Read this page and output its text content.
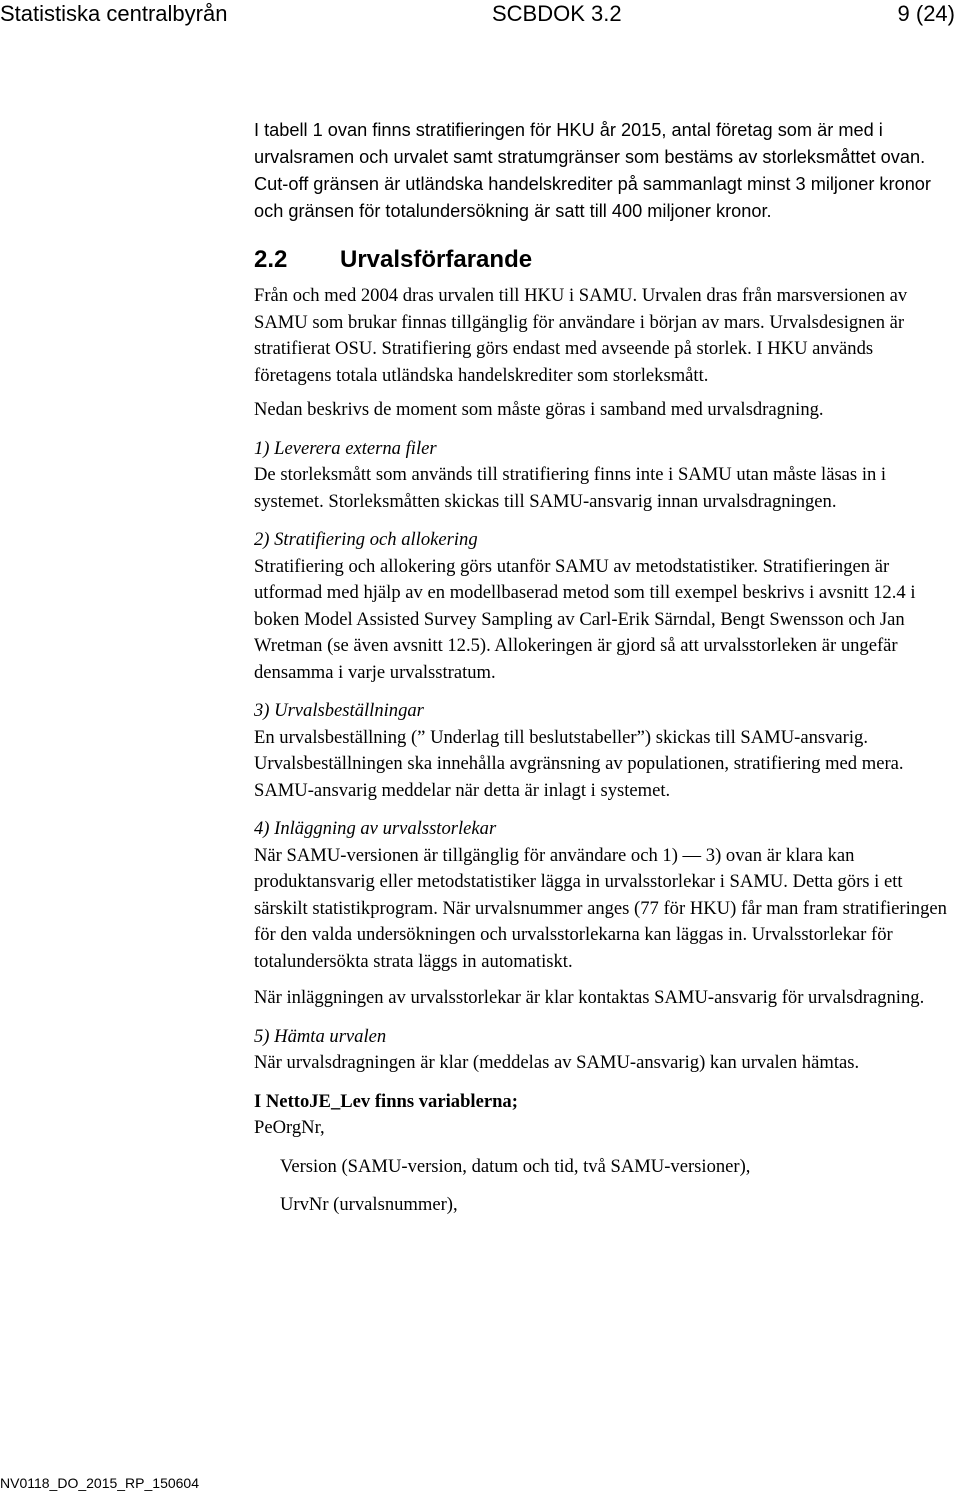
Statistiska centralbyrån	SCBDOK 3.2	9 (24)

I tabell 1 ovan finns stratifieringen för HKU år 2015, antal företag som är med i urvalsramen och urvalet samt stratumgränser som bestäms av storleksmåttet ovan. Cut-off gränsen är utländska handelskrediter på sammanlagt minst 3 miljoner kronor och gränsen för totalundersökning är satt till 400 miljoner kronor.

2.2 Urvalsförfarande

Från och med 2004 dras urvalen till HKU i SAMU. Urvalen dras från marsversionen av SAMU som brukar finnas tillgänglig för användare i början av mars. Urvalsdesignen är stratifierat OSU. Stratifiering görs endast med avseende på storlek. I HKU används företagens totala utländska handelskrediter som storleksmått.

Nedan beskrivs de moment som måste göras i samband med urvalsdragning.

1) Leverera externa filer

De storleksmått som används till stratifiering finns inte i SAMU utan måste läsas in i systemet. Storleksmåtten skickas till SAMU-ansvarig innan urvalsdragningen.

2) Stratifiering och allokering

Stratifiering och allokering görs utanför SAMU av metodstatistiker. Stratifieringen är utformad med hjälp av en modellbaserad metod som till exempel beskrivs i avsnitt 12.4 i boken Model Assisted Survey Sampling av Carl-Erik Särndal, Bengt Swensson och Jan Wretman (se även avsnitt 12.5). Allokeringen är gjord så att urvalsstorleken är ungefär densamma i varje urvalsstratum.

3) Urvalsbeställningar

En urvalsbeställning (” Underlag till beslutstabeller”) skickas till SAMU-ansvarig. Urvalsbeställningen ska innehålla avgränsning av populationen, stratifiering med mera. SAMU-ansvarig meddelar när detta är inlagt i systemet.

4) Inläggning av urvalsstorlekar

När SAMU-versionen är tillgänglig för användare och 1) — 3) ovan är klara kan produktansvarig eller metodstatistiker lägga in urvalsstorlekar i SAMU. Detta görs i ett särskilt statistikprogram. När urvalsnummer anges (77 för HKU) får man fram stratifieringen för den valda undersökningen och urvalsstorlekarna kan läggas in. Urvalsstorlekar för totalundersökta strata läggs in automatiskt.

När inläggningen av urvalsstorlekar är klar kontaktas SAMU-ansvarig för urvalsdragning.

5) Hämta urvalen

När urvalsdragningen är klar (meddelas av SAMU-ansvarig) kan urvalen hämtas.

I NettoJE_Lev finns variablerna;

PeOrgNr,

Version (SAMU-version, datum och tid, två SAMU-versioner),

UrvNr (urvalsnummer),

NV0118_DO_2015_RP_150604
